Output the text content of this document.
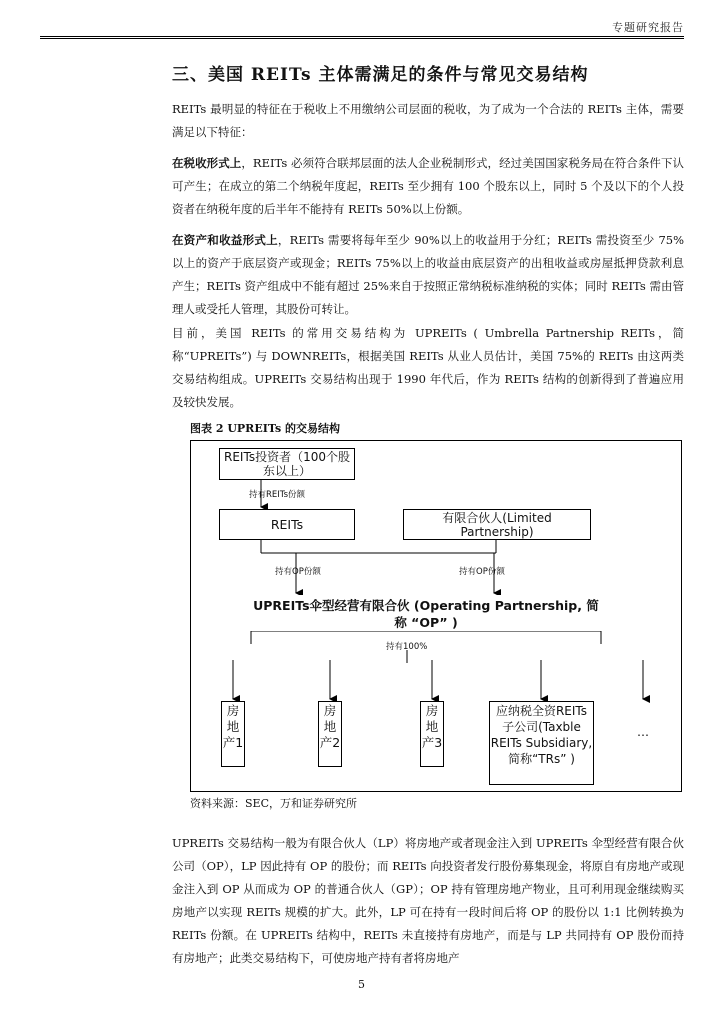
专题研究报告
三、美国 REITs 主体需满足的条件与常见交易结构
REITs 最明显的特征在于税收上不用缴纳公司层面的税收，为了成为一个合法的 REITs 主体，需要满足以下特征：
在税收形式上，REITs 必须符合联邦层面的法人企业税制形式，经过美国国家税务局在符合条件下认可产生；在成立的第二个纳税年度起，REITs 至少拥有 100 个股东以上，同时 5 个及以下的个人投资者在纳税年度的后半年不能持有 REITs 50%以上份额。
在资产和收益形式上，REITs 需要将每年至少 90%以上的收益用于分红；REITs 需投资至少 75%以上的资产于底层资产或现金；REITs 75%以上的收益由底层资产的出租收益或房屋抵押贷款利息产生；REITs 资产组成中不能有超过 25%来自于按照正常纳税标准纳税的实体；同时 REITs 需由管理人或受托人管理，其股份可转让。
目前，美国 REITs 的常用交易结构为 UPREITs ( Umbrella Partnership REITs，简称“UPREITs”) 与 DOWNREITs，根据美国 REITs 从业人员估计，美国 75%的 REITs 由这两类交易结构组成。UPREITs 交易结构出现于 1990 年代后，作为 REITs 结构的创新得到了普遍应用及较快发展。
图表 2 UPREITs 的交易结构
REITs投资者（100个股东以上）
持有REITs份额
REITs	有限合伙人(Limited Partnership)
持有OP份额	持有OP份额
UPREITs伞型经营有限合伙 (Operating Partnership, 简称 “OP” )
持有100%
房地产1
房地产2
房地产3
应纳税全资REITs子公司(Taxble REITs Subsidiary, 简称“TRs” )
…
资料来源：SEC，万和证券研究所
UPREITs 交易结构一般为有限合伙人（LP）将房地产或者现金注入到 UPREITs 伞型经营有限合伙公司（OP），LP 因此持有 OP 的股份；而 REITs 向投资者发行股份募集现金，将原自有房地产或现金注入到 OP 从而成为 OP 的普通合伙人（GP）；OP 持有管理房地产物业，且可利用现金继续购买房地产以实现 REITs 规模的扩大。此外，LP 可在持有一段时间后将 OP 的股份以 1:1 比例转换为 REITs 份额。在 UPREITs 结构中，REITs 未直接持有房地产，而是与 LP 共同持有 OP 股份而持有房地产；此类交易结构下，可使房地产持有者将房地产
5
